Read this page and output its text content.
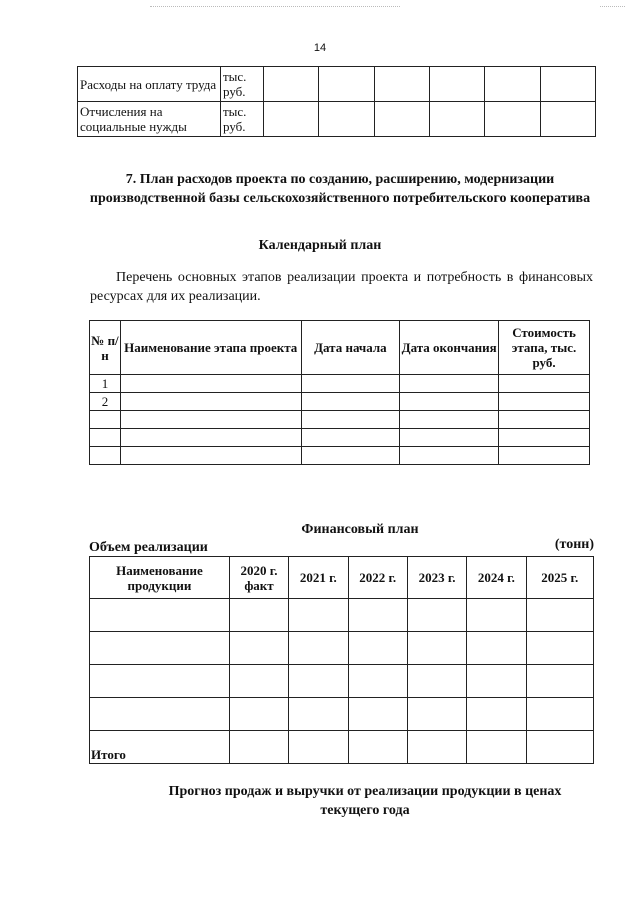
14
Расходы на оплату труда	тыс. руб.						
Отчисления на социальные нужды	тыс. руб.						
7. План расходов проекта по созданию, расширению, модернизации производственной базы сельскохозяйственного потребительского кооператива
Календарный план
Перечень основных этапов реализации проекта и потребность в финансовых ресурсах для их реализации.
№ п/н	Наименование этапа проекта	Дата начала	Дата окончания	Стоимость этапа, тыс. руб.
1				
2				

Финансовый план
Объем реализации	(тонн)
Наименование продукции	2020 г. факт	2021 г.	2022 г.	2023 г.	2024 г.	2025 г.

Итого						
Прогноз продаж и выручки от реализации продукции в ценах текущего года
